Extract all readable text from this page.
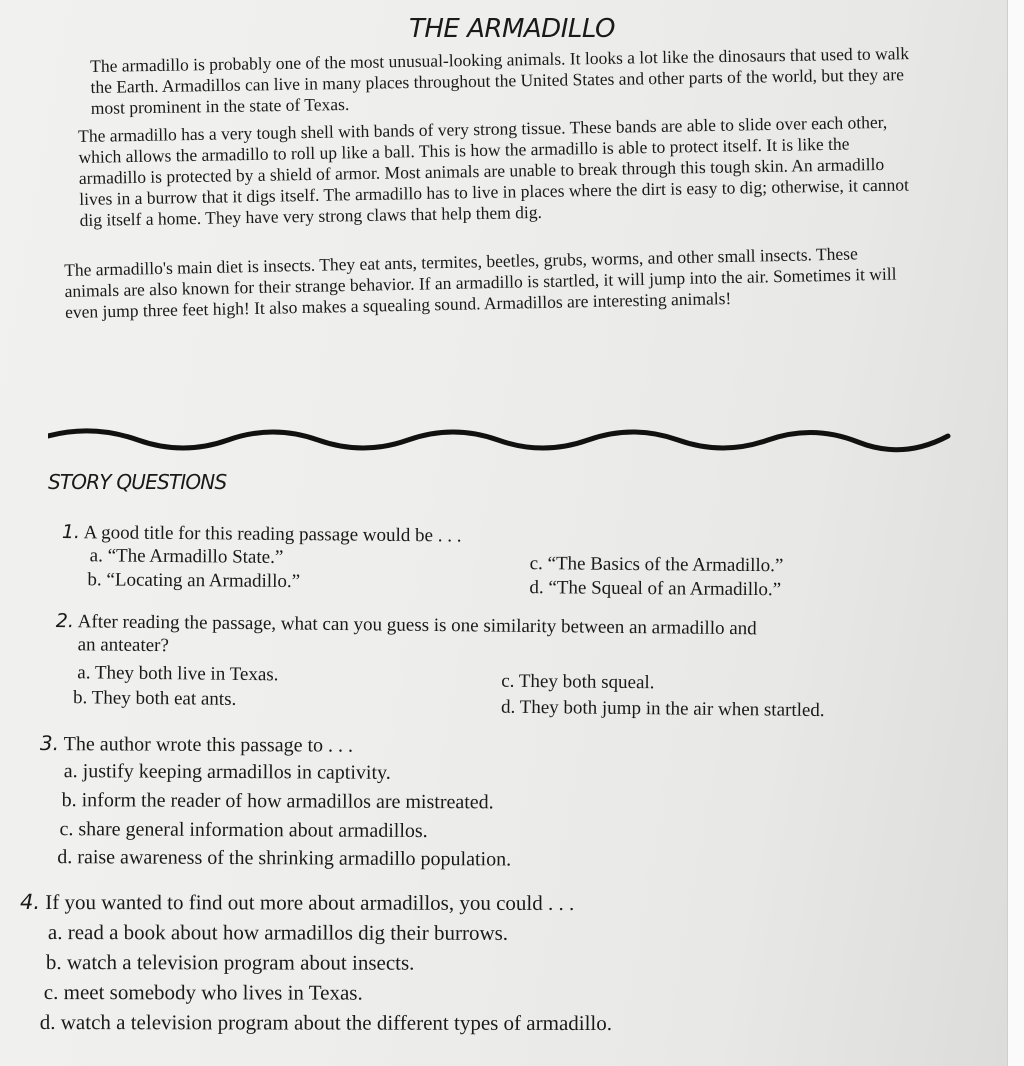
THE ARMADILLO

The armadillo is probably one of the most unusual-looking animals. It looks a lot like the dinosaurs that used to walk the Earth. Armadillos can live in many places throughout the United States and other parts of the world, but they are most prominent in the state of Texas.

The armadillo has a very tough shell with bands of very strong tissue. These bands are able to slide over each other, which allows the armadillo to roll up like a ball. This is how the armadillo is able to protect itself. It is like the armadillo is protected by a shield of armor. Most animals are unable to break through this tough skin. An armadillo lives in a burrow that it digs itself. The armadillo has to live in places where the dirt is easy to dig; otherwise, it cannot dig itself a home. They have very strong claws that help them dig.

The armadillo's main diet is insects. They eat ants, termites, beetles, grubs, worms, and other small insects. These animals are also known for their strange behavior. If an armadillo is startled, it will jump into the air. Sometimes it will even jump three feet high! It also makes a squealing sound. Armadillos are interesting animals!

STORY QUESTIONS
1. A good title for this reading passage would be . . .
a. “The Armadillo State.”
b. “Locating an Armadillo.”
c. “The Basics of the Armadillo.”
d. “The Squeal of an Armadillo.”
2. After reading the passage, what can you guess is one similarity between an armadillo and
an anteater?
a. They both live in Texas.
b. They both eat ants.
c. They both squeal.
d. They both jump in the air when startled.
3. The author wrote this passage to . . .
a. justify keeping armadillos in captivity.
b. inform the reader of how armadillos are mistreated.
c. share general information about armadillos.
d. raise awareness of the shrinking armadillo population.
4. If you wanted to find out more about armadillos, you could . . .
a. read a book about how armadillos dig their burrows.
b. watch a television program about insects.
c. meet somebody who lives in Texas.
d. watch a television program about the different types of armadillo.
